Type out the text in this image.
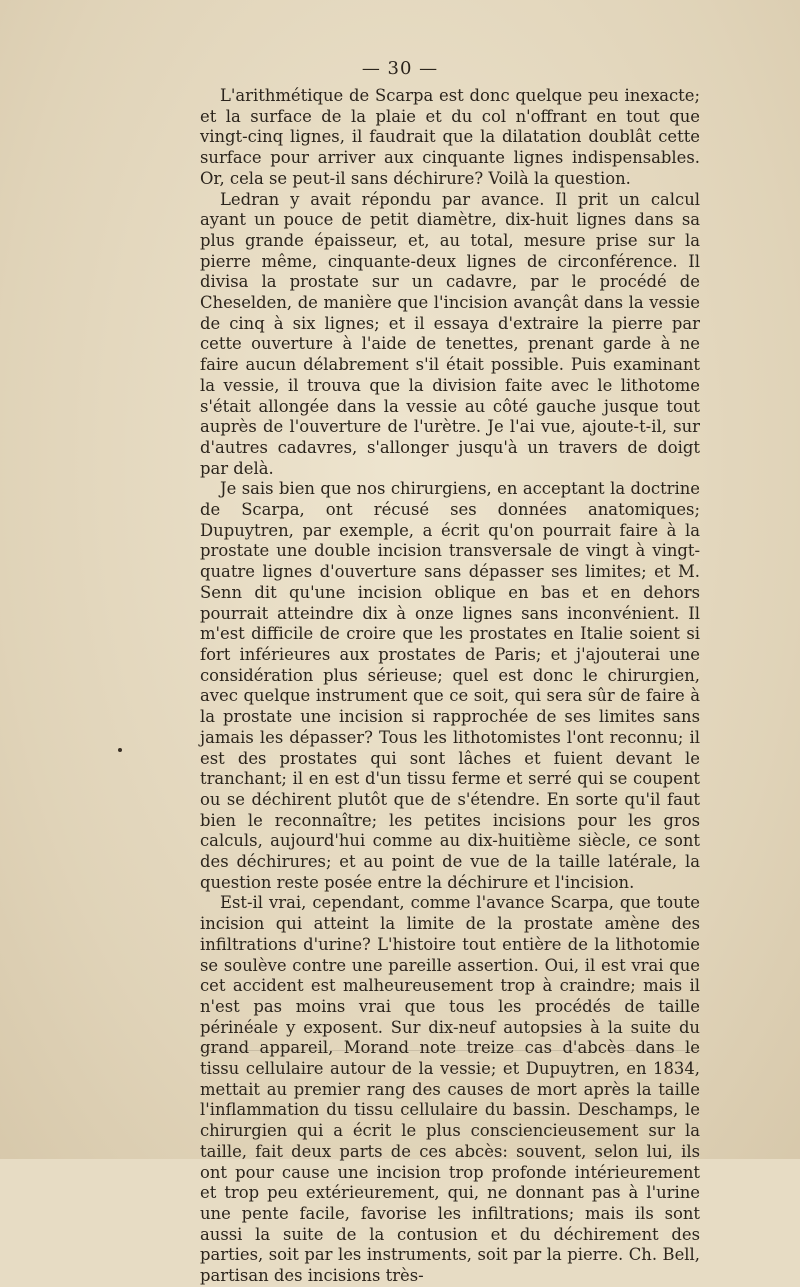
— 30 —

L'arithmétique de Scarpa est donc quelque peu inexacte; et la surface de la plaie et du col n'offrant en tout que vingt-cinq lignes, il faudrait que la dilatation doublât cette surface pour arriver aux cinquante lignes indispensables. Or, cela se peut-il sans déchirure? Voilà la question.

Ledran y avait répondu par avance. Il prit un calcul ayant un pouce de petit diamètre, dix-huit lignes dans sa plus grande épaisseur, et, au total, mesure prise sur la pierre même, cinquante-deux lignes de circonférence. Il divisa la prostate sur un cadavre, par le procédé de Cheselden, de manière que l'incision avançât dans la vessie de cinq à six lignes; et il essaya d'extraire la pierre par cette ouverture à l'aide de tenettes, prenant garde à ne faire aucun délabrement s'il était possible. Puis examinant la vessie, il trouva que la division faite avec le lithotome s'était allongée dans la vessie au côté gauche jusque tout auprès de l'ouverture de l'urètre. Je l'ai vue, ajoute-t-il, sur d'autres cadavres, s'allonger jusqu'à un travers de doigt par delà.

Je sais bien que nos chirurgiens, en acceptant la doctrine de Scarpa, ont récusé ses données anatomiques; Dupuytren, par exemple, a écrit qu'on pourrait faire à la prostate une double incision transversale de vingt à vingt-quatre lignes d'ouverture sans dépasser ses limites; et M. Senn dit qu'une incision oblique en bas et en dehors pourrait atteindre dix à onze lignes sans inconvénient. Il m'est difficile de croire que les prostates en Italie soient si fort inférieures aux prostates de Paris; et j'ajouterai une considération plus sérieuse; quel est donc le chirurgien, avec quelque instrument que ce soit, qui sera sûr de faire à la prostate une incision si rapprochée de ses limites sans jamais les dépasser? Tous les lithotomistes l'ont reconnu; il est des prostates qui sont lâches et fuient devant le tranchant; il en est d'un tissu ferme et serré qui se coupent ou se déchirent plutôt que de s'étendre. En sorte qu'il faut bien le reconnaître; les petites incisions pour les gros calculs, aujourd'hui comme au dix-huitième siècle, ce sont des déchirures; et au point de vue de la taille latérale, la question reste posée entre la déchirure et l'incision.

Est-il vrai, cependant, comme l'avance Scarpa, que toute incision qui atteint la limite de la prostate amène des infiltrations d'urine? L'histoire tout entière de la lithotomie se soulève contre une pareille assertion. Oui, il est vrai que cet accident est malheureusement trop à craindre; mais il n'est pas moins vrai que tous les procédés de taille périnéale y exposent. Sur dix-neuf autopsies à la suite du grand appareil, Morand note treize cas d'abcès dans le tissu cellulaire autour de la vessie; et Dupuytren, en 1834, mettait au premier rang des causes de mort après la taille l'inflammation du tissu cellulaire du bassin. Deschamps, le chirurgien qui a écrit le plus consciencieusement sur la taille, fait deux parts de ces abcès: souvent, selon lui, ils ont pour cause une incision trop profonde intérieurement et trop peu extérieurement, qui, ne donnant pas à l'urine une pente facile, favorise les infiltrations; mais ils sont aussi la suite de la contusion et du déchirement des parties, soit par les instruments, soit par la pierre. Ch. Bell, partisan des incisions très-
